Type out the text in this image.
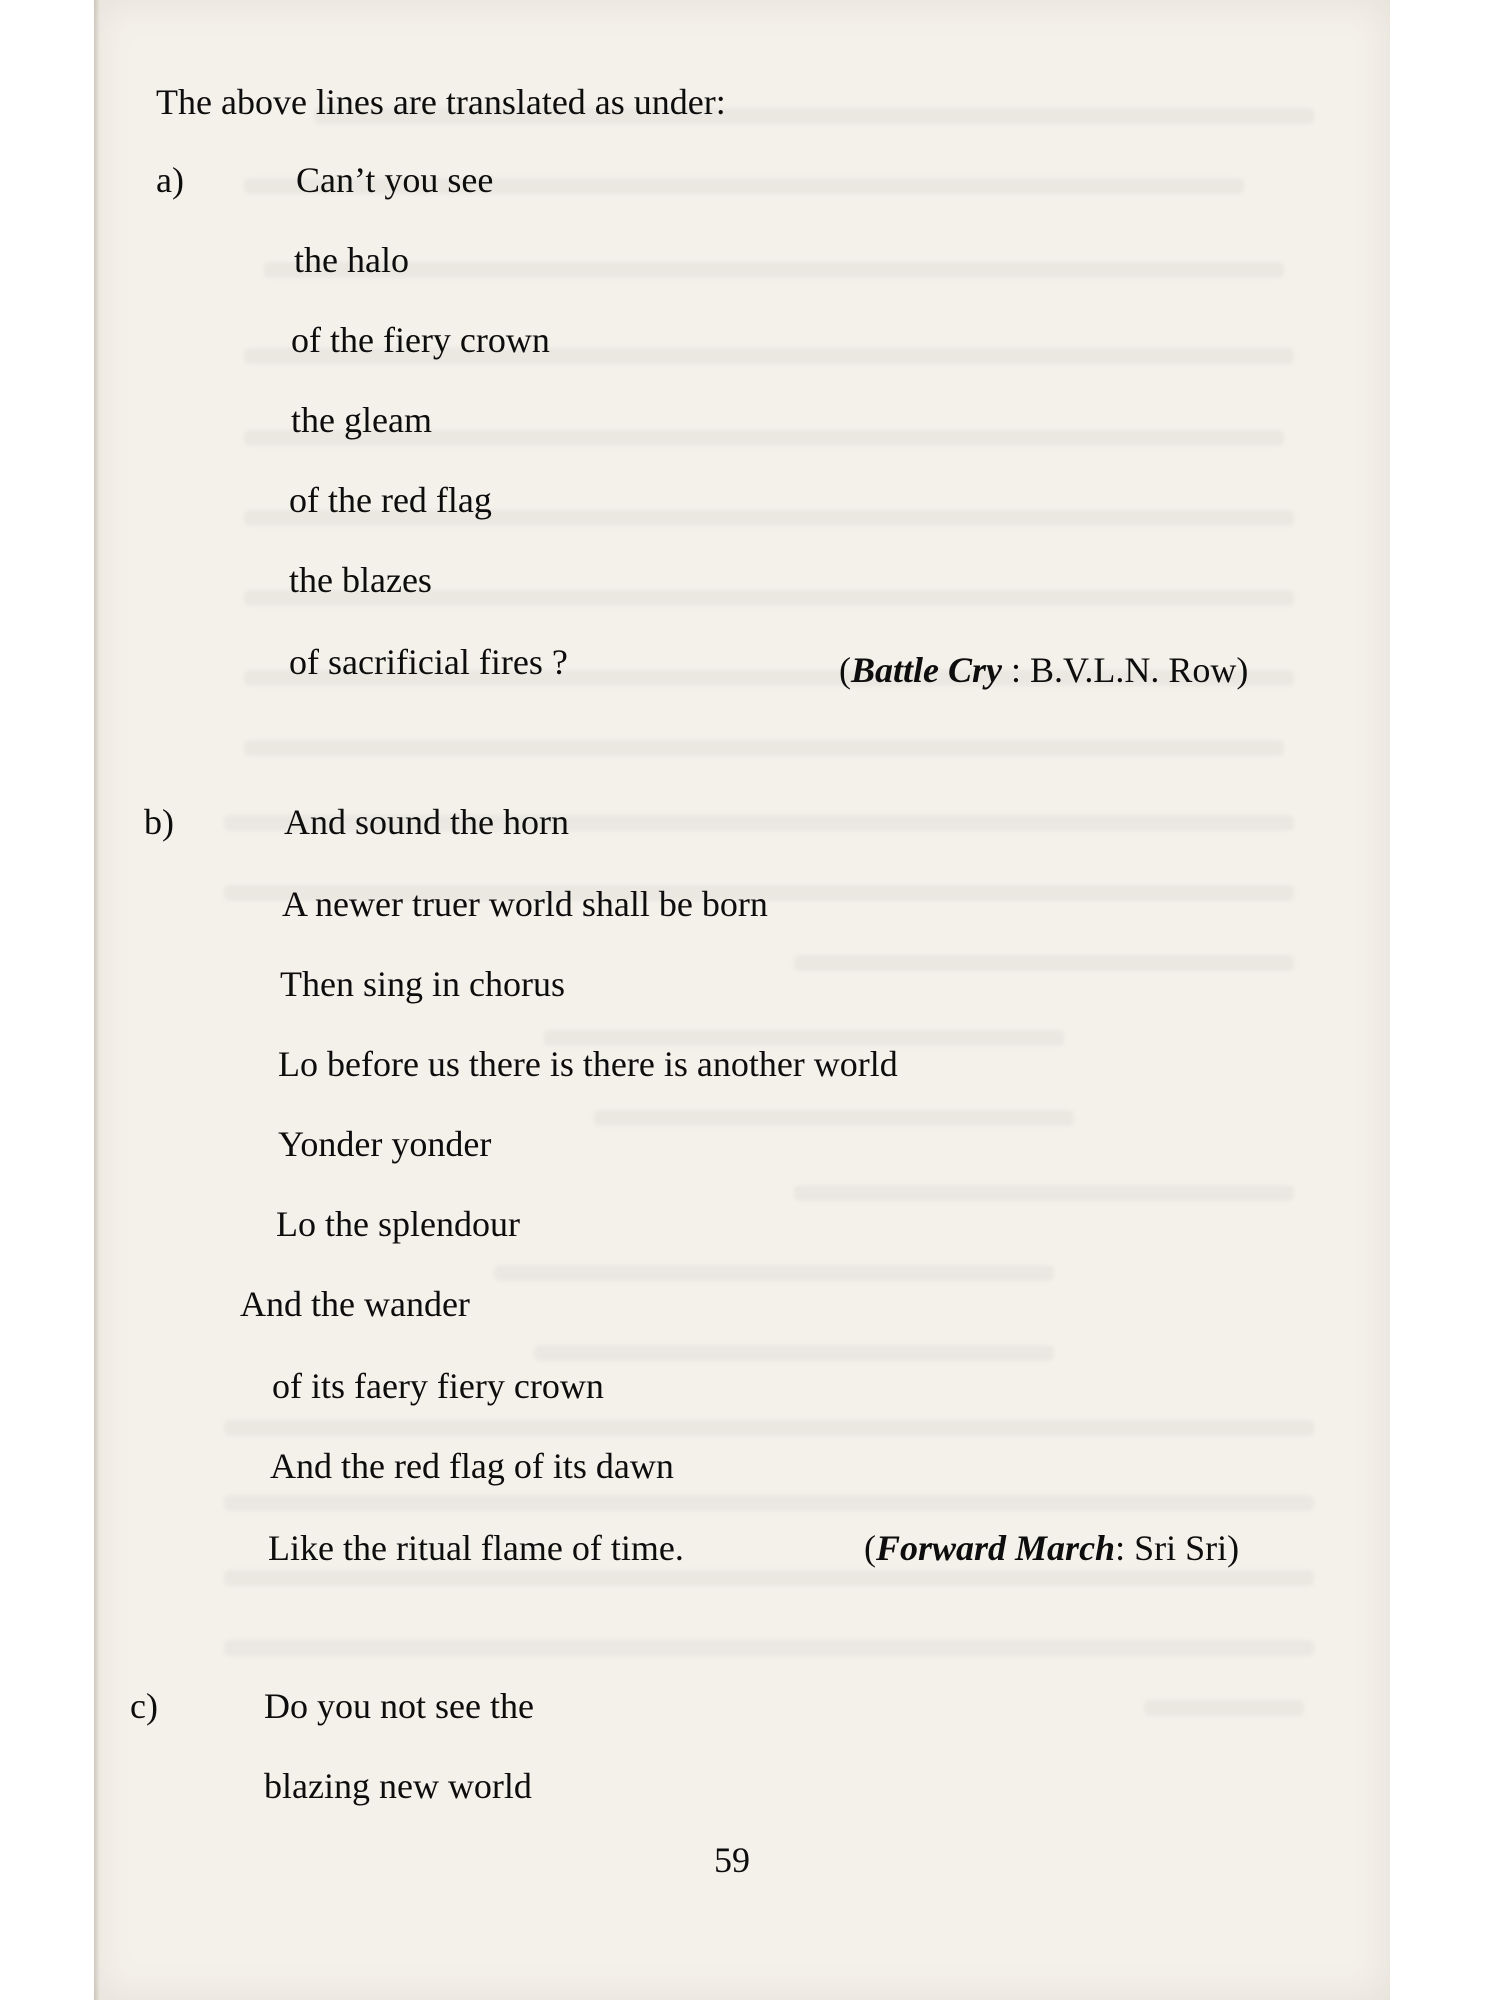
The above lines are translated as under:
a)	Can’t you see
the halo
of the fiery crown
the gleam
of the red flag
the blazes
of sacrificial fires ?	(Battle Cry : B.V.L.N. Row)
b)	And sound the horn
A newer truer world shall be born
Then sing in chorus
Lo before us there is there is another world
Yonder yonder
Lo the splendour
And the wander
of its faery fiery crown
And the red flag of its dawn
Like the ritual flame of time.	(Forward March: Sri Sri)
c)	Do you not see the
blazing new world
59
